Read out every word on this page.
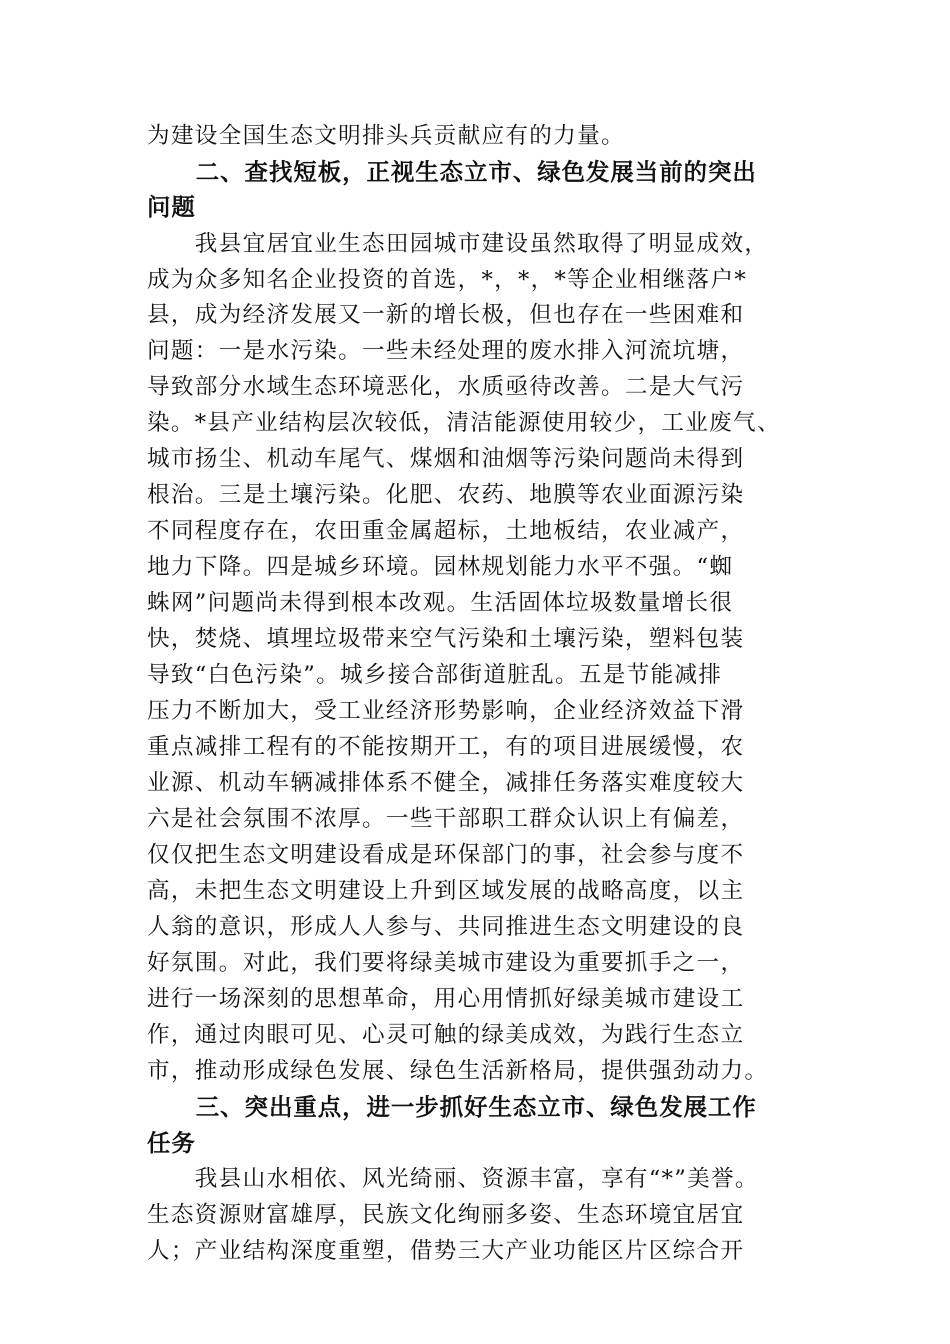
为建设全国生态文明排头兵贡献应有的力量。
　　二、查找短板，正视生态立市、绿色发展当前的突出
问题
　　我县宜居宜业生态田园城市建设虽然取得了明显成效，
成为众多知名企业投资的首选，*，*，*等企业相继落户*
县，成为经济发展又一新的增长极，但也存在一些困难和
问题：一是水污染。一些未经处理的废水排入河流坑塘，
导致部分水域生态环境恶化，水质亟待改善。二是大气污
染。*县产业结构层次较低，清洁能源使用较少，工业废气、
城市扬尘、机动车尾气、煤烟和油烟等污染问题尚未得到
根治。三是土壤污染。化肥、农药、地膜等农业面源污染
不同程度存在，农田重金属超标，土地板结，农业减产，
地力下降。四是城乡环境。园林规划能力水平不强。“蜘
蛛网”问题尚未得到根本改观。生活固体垃圾数量增长很
快，焚烧、填埋垃圾带来空气污染和土壤污染，塑料包装
导致“白色污染”。城乡接合部街道脏乱。五是节能减排
压力不断加大，受工业经济形势影响，企业经济效益下滑
重点减排工程有的不能按期开工，有的项目进展缓慢，农
业源、机动车辆减排体系不健全，减排任务落实难度较大
六是社会氛围不浓厚。一些干部职工群众认识上有偏差，
仅仅把生态文明建设看成是环保部门的事，社会参与度不
高，未把生态文明建设上升到区域发展的战略高度，以主
人翁的意识，形成人人参与、共同推进生态文明建设的良
好氛围。对此，我们要将绿美城市建设为重要抓手之一，
进行一场深刻的思想革命，用心用情抓好绿美城市建设工
作，通过肉眼可见、心灵可触的绿美成效，为践行生态立
市，推动形成绿色发展、绿色生活新格局，提供强劲动力。
　　三、突出重点，进一步抓好生态立市、绿色发展工作
任务
　　我县山水相依、风光绮丽、资源丰富，享有“*”美誉。
生态资源财富雄厚，民族文化绚丽多姿、生态环境宜居宜
人；产业结构深度重塑，借势三大产业功能区片区综合开
